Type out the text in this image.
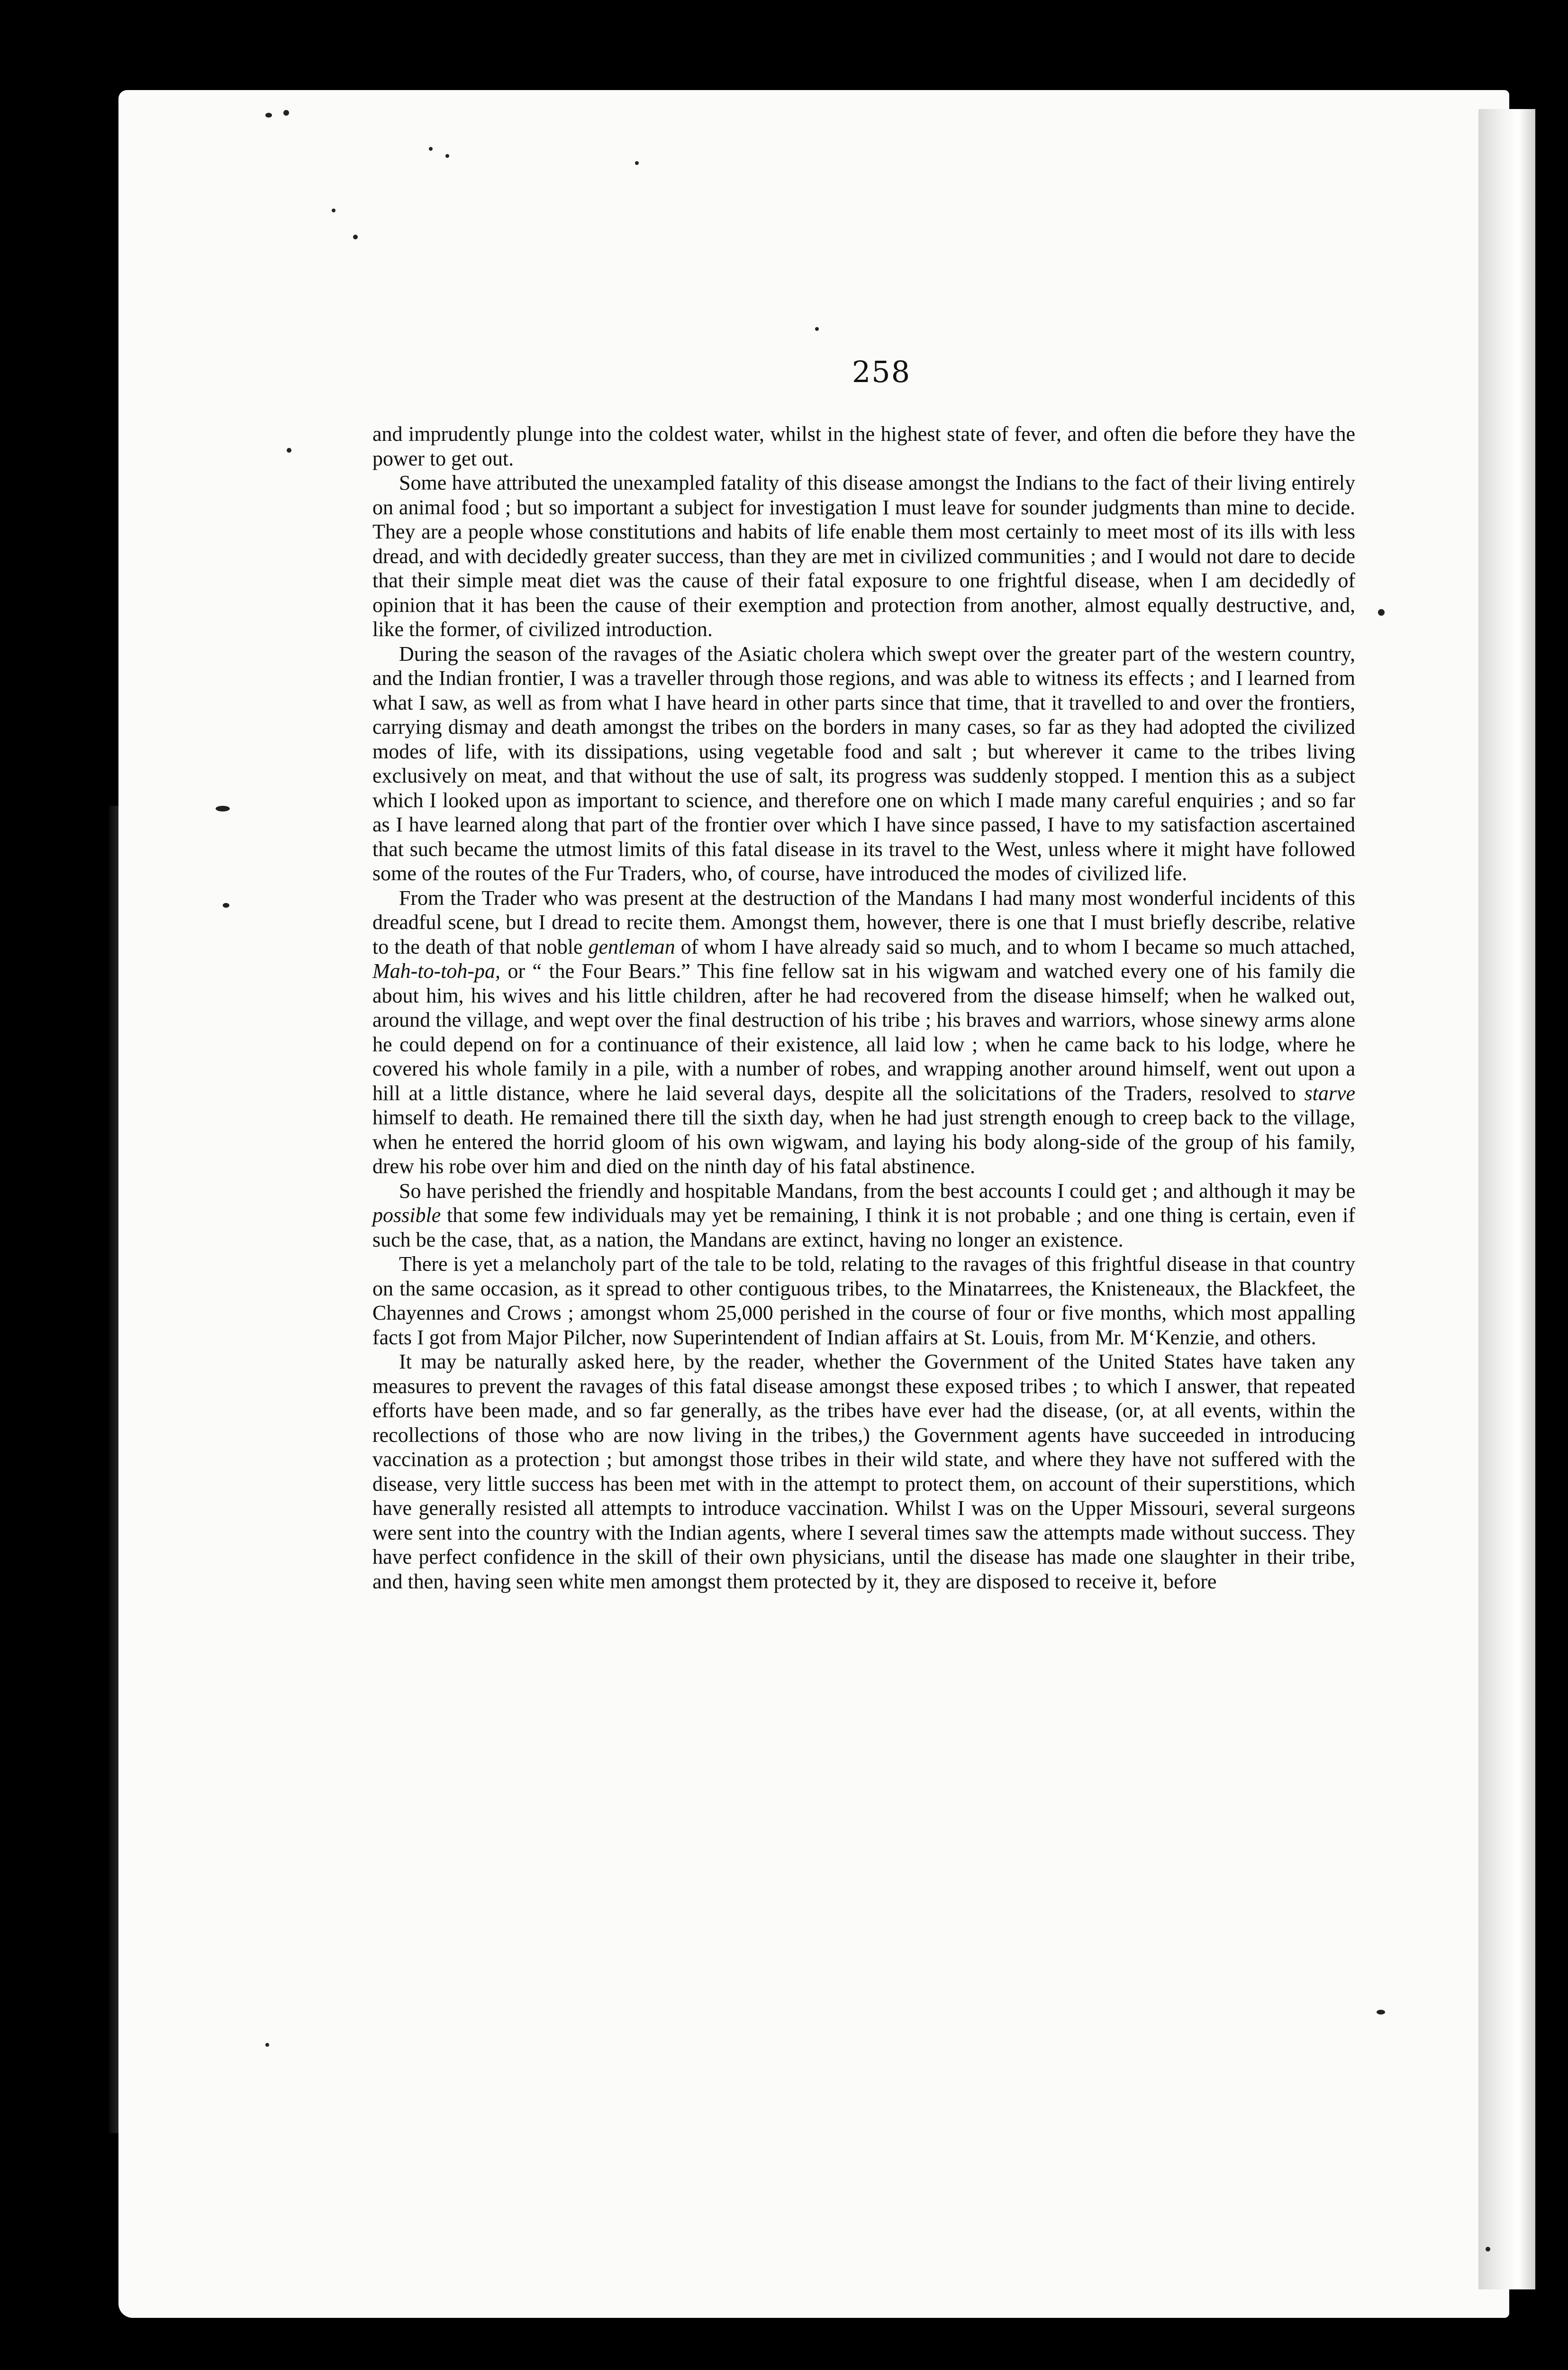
258

and imprudently plunge into the coldest water, whilst in the highest state of fever, and often die before they have the power to get out.

Some have attributed the unexampled fatality of this disease amongst the Indians to the fact of their living entirely on animal food ; but so important a subject for investigation I must leave for sounder judgments than mine to decide. They are a people whose constitutions and habits of life enable them most certainly to meet most of its ills with less dread, and with decidedly greater success, than they are met in civilized communities ; and I would not dare to decide that their simple meat diet was the cause of their fatal exposure to one frightful disease, when I am decidedly of opinion that it has been the cause of their exemption and protection from another, almost equally destructive, and, like the former, of civilized introduction.

During the season of the ravages of the Asiatic cholera which swept over the greater part of the western country, and the Indian frontier, I was a traveller through those regions, and was able to witness its effects ; and I learned from what I saw, as well as from what I have heard in other parts since that time, that it travelled to and over the frontiers, carrying dismay and death amongst the tribes on the borders in many cases, so far as they had adopted the civilized modes of life, with its dissipations, using vegetable food and salt ; but wherever it came to the tribes living exclusively on meat, and that without the use of salt, its progress was suddenly stopped. I mention this as a subject which I looked upon as important to science, and therefore one on which I made many careful enquiries ; and so far as I have learned along that part of the frontier over which I have since passed, I have to my satisfaction ascertained that such became the utmost limits of this fatal disease in its travel to the West, unless where it might have followed some of the routes of the Fur Traders, who, of course, have introduced the modes of civilized life.

From the Trader who was present at the destruction of the Mandans I had many most wonderful incidents of this dreadful scene, but I dread to recite them. Amongst them, however, there is one that I must briefly describe, relative to the death of that noble gentleman of whom I have already said so much, and to whom I became so much attached, Mah-to-toh-pa, or “ the Four Bears.” This fine fellow sat in his wigwam and watched every one of his family die about him, his wives and his little children, after he had recovered from the disease himself; when he walked out, around the village, and wept over the final destruction of his tribe ; his braves and warriors, whose sinewy arms alone he could depend on for a continuance of their existence, all laid low ; when he came back to his lodge, where he covered his whole family in a pile, with a number of robes, and wrapping another around himself, went out upon a hill at a little distance, where he laid several days, despite all the solicitations of the Traders, resolved to starve himself to death. He remained there till the sixth day, when he had just strength enough to creep back to the village, when he entered the horrid gloom of his own wigwam, and laying his body along-side of the group of his family, drew his robe over him and died on the ninth day of his fatal abstinence.

So have perished the friendly and hospitable Mandans, from the best accounts I could get ; and although it may be possible that some few individuals may yet be remaining, I think it is not probable ; and one thing is certain, even if such be the case, that, as a nation, the Mandans are extinct, having no longer an existence.

There is yet a melancholy part of the tale to be told, relating to the ravages of this frightful disease in that country on the same occasion, as it spread to other contiguous tribes, to the Minatarrees, the Knisteneaux, the Blackfeet, the Chayennes and Crows ; amongst whom 25,000 perished in the course of four or five months, which most appalling facts I got from Major Pilcher, now Superintendent of Indian affairs at St. Louis, from Mr. M‘Kenzie, and others.

It may be naturally asked here, by the reader, whether the Government of the United States have taken any measures to prevent the ravages of this fatal disease amongst these exposed tribes ; to which I answer, that repeated efforts have been made, and so far generally, as the tribes have ever had the disease, (or, at all events, within the recollections of those who are now living in the tribes,) the Government agents have succeeded in introducing vaccination as a protection ; but amongst those tribes in their wild state, and where they have not suffered with the disease, very little success has been met with in the attempt to protect them, on account of their superstitions, which have generally resisted all attempts to introduce vaccination. Whilst I was on the Upper Missouri, several surgeons were sent into the country with the Indian agents, where I several times saw the attempts made without success. They have perfect confidence in the skill of their own physicians, until the disease has made one slaughter in their tribe, and then, having seen white men amongst them protected by it, they are disposed to receive it, before
